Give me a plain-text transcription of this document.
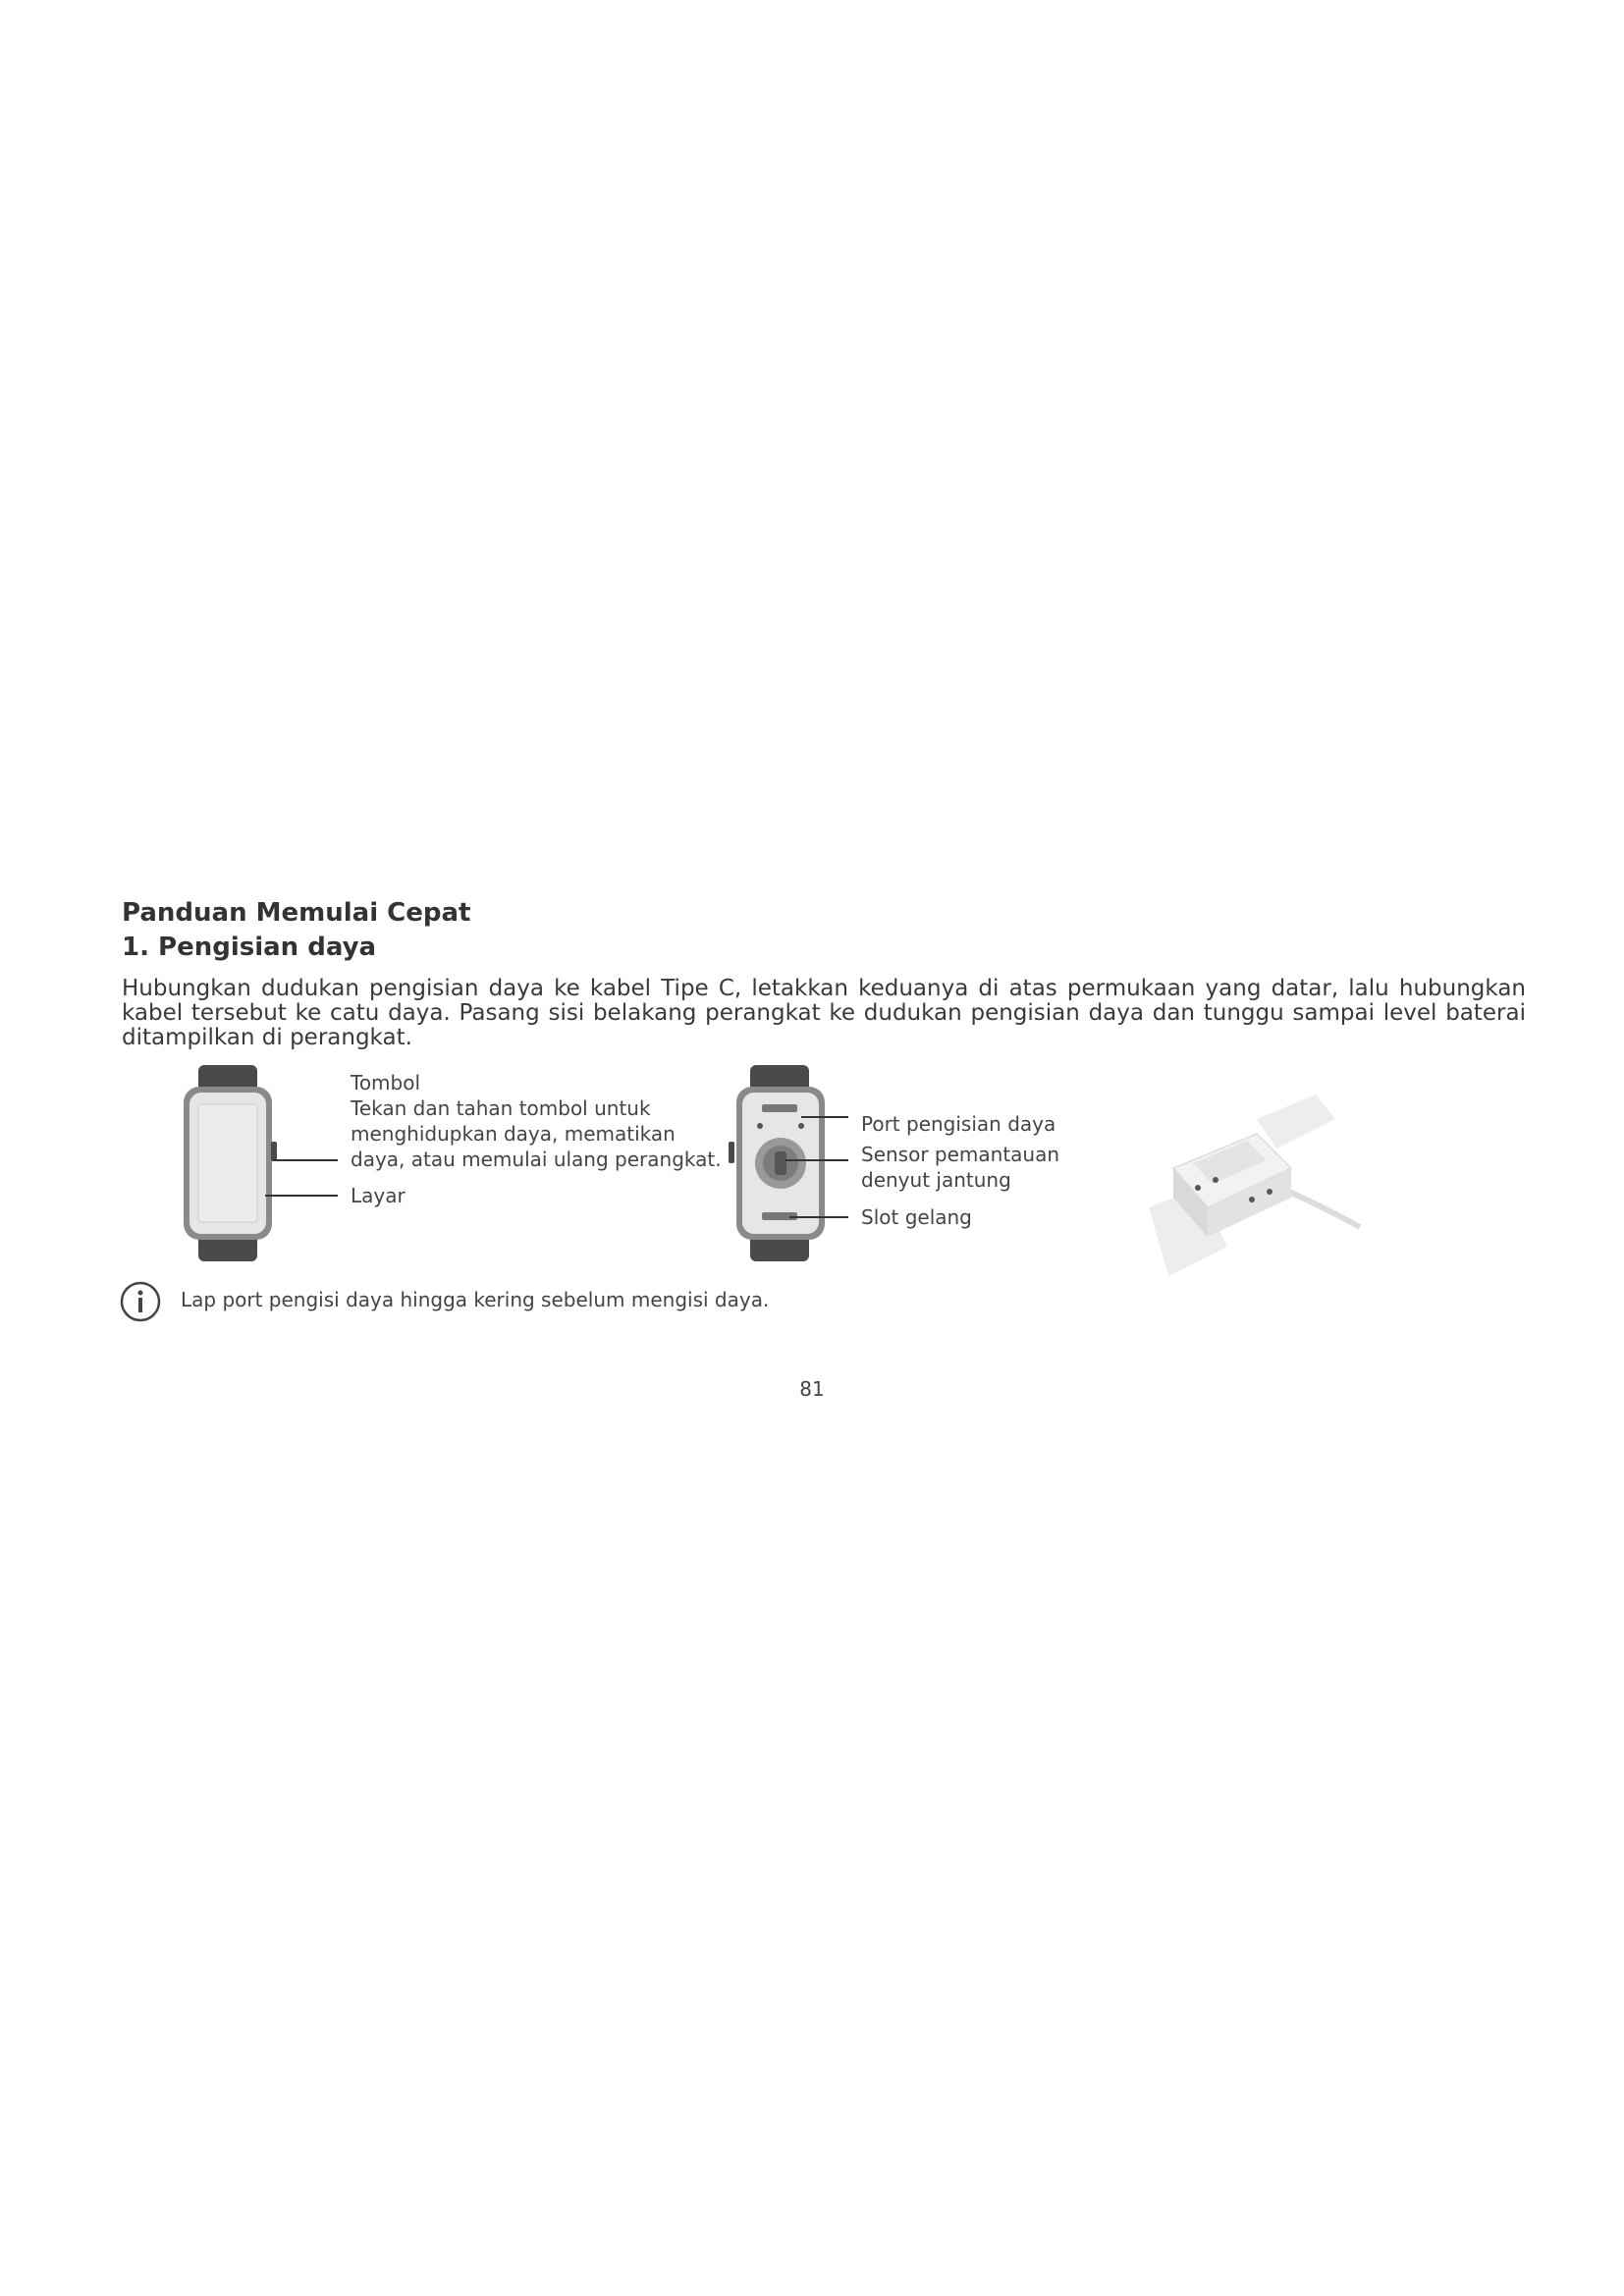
Panduan Memulai Cepat
1. Pengisian daya
Hubungkan dudukan pengisian daya ke kabel Tipe C, letakkan keduanya di atas permukaan yang datar, lalu hubungkan kabel tersebut ke catu daya. Pasang sisi belakang perangkat ke dudukan pengisian daya dan tunggu sampai level baterai ditampilkan di perangkat.
Tombol
Tekan dan tahan tombol untuk
menghidupkan daya, mematikan
daya, atau memulai ulang perangkat.
Layar
Port pengisian daya
Sensor pemantauan
denyut jantung
Slot gelang
Lap port pengisi daya hingga kering sebelum mengisi daya.
81
